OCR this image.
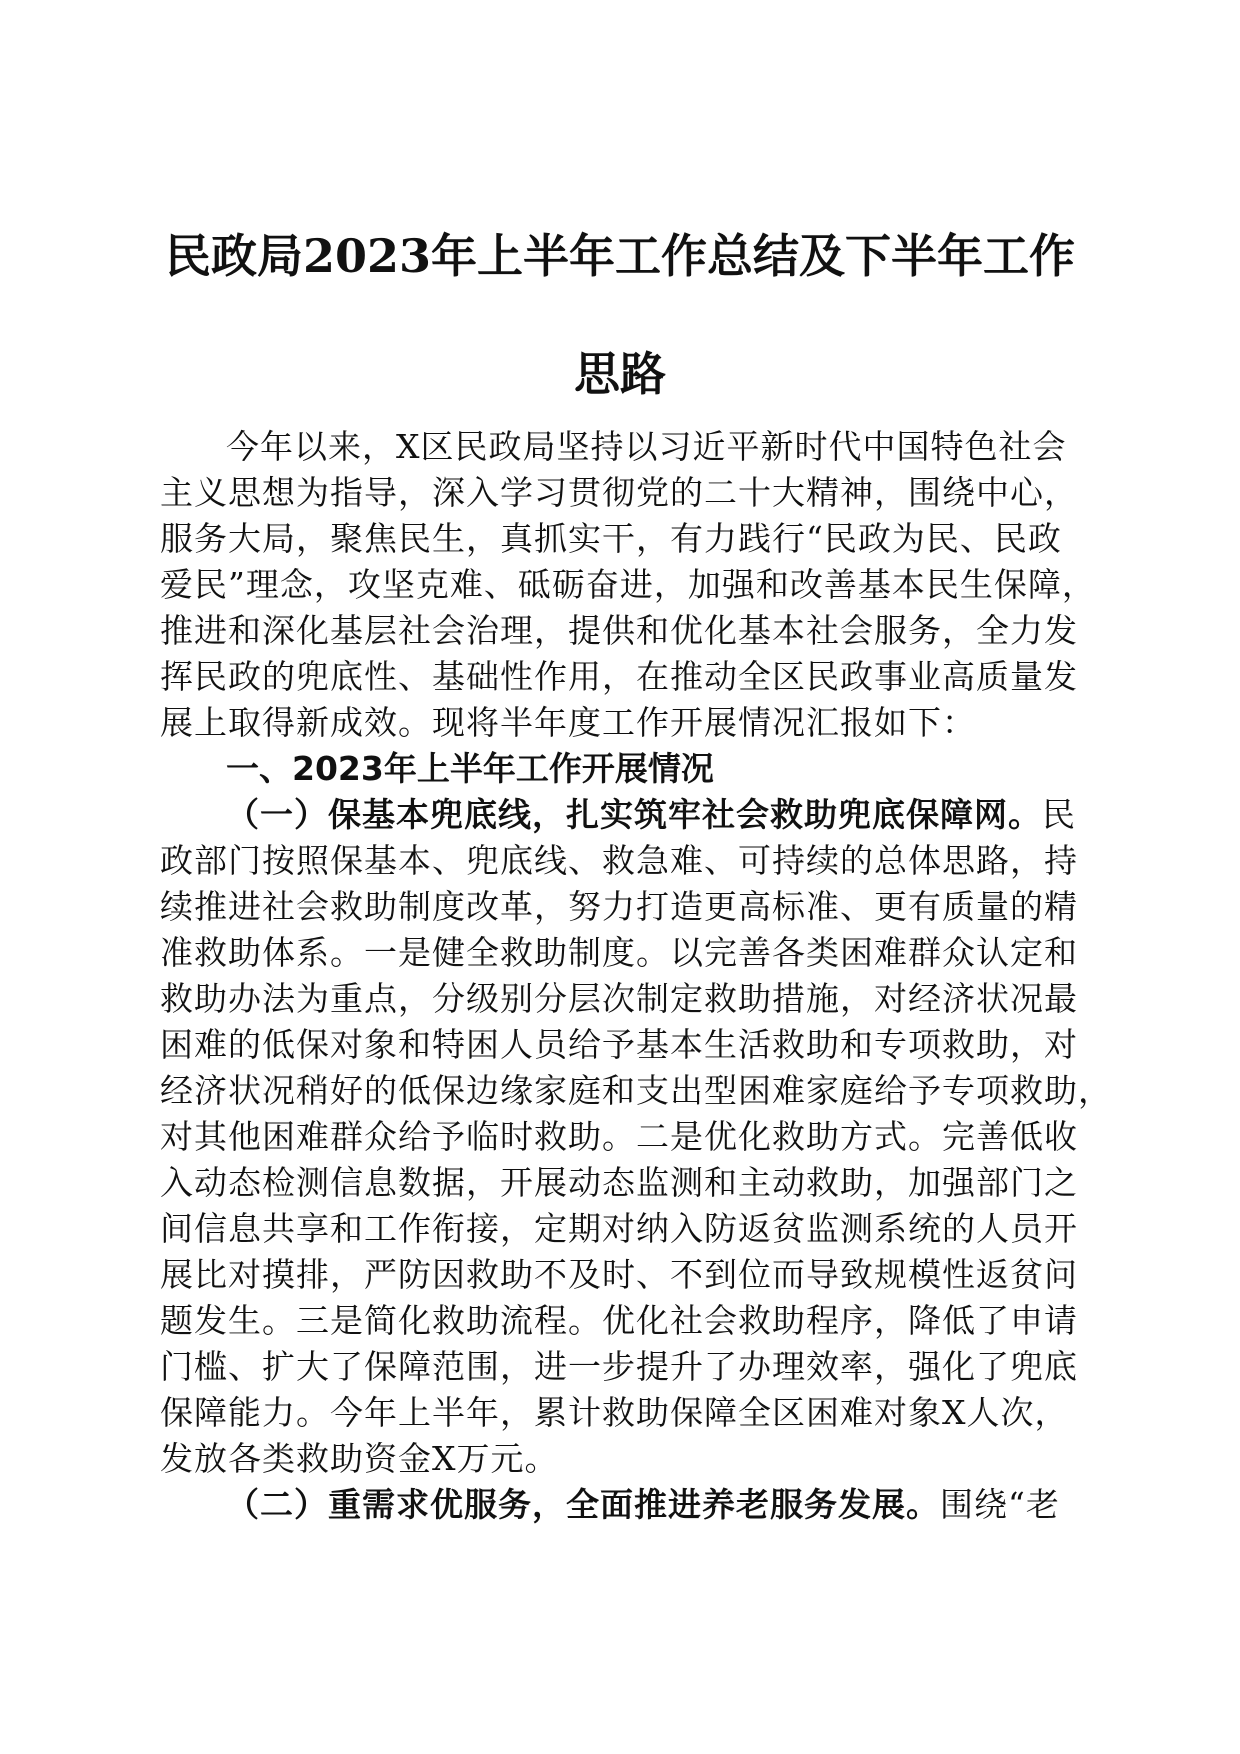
民政局2023年上半年工作总结及下半年工作
思路
今年以来，X区民政局坚持以习近平新时代中国特色社会
主义思想为指导，深入学习贯彻党的二十大精神，围绕中心，
服务大局，聚焦民生，真抓实干，有力践行“民政为民、民政
爱民”理念，攻坚克难、砥砺奋进，加强和改善基本民生保障，
推进和深化基层社会治理，提供和优化基本社会服务，全力发
挥民政的兜底性、基础性作用，在推动全区民政事业高质量发
展上取得新成效。现将半年度工作开展情况汇报如下：
一、2023年上半年工作开展情况
（一）保基本兜底线，扎实筑牢社会救助兜底保障网。民
政部门按照保基本、兜底线、救急难、可持续的总体思路，持
续推进社会救助制度改革，努力打造更高标准、更有质量的精
准救助体系。一是健全救助制度。以完善各类困难群众认定和
救助办法为重点，分级别分层次制定救助措施，对经济状况最
困难的低保对象和特困人员给予基本生活救助和专项救助，对
经济状况稍好的低保边缘家庭和支出型困难家庭给予专项救助，
对其他困难群众给予临时救助。二是优化救助方式。完善低收
入动态检测信息数据，开展动态监测和主动救助，加强部门之
间信息共享和工作衔接，定期对纳入防返贫监测系统的人员开
展比对摸排，严防因救助不及时、不到位而导致规模性返贫问
题发生。三是简化救助流程。优化社会救助程序，降低了申请
门槛、扩大了保障范围，进一步提升了办理效率，强化了兜底
保障能力。今年上半年，累计救助保障全区困难对象X人次，
发放各类救助资金X万元。
（二）重需求优服务，全面推进养老服务发展。围绕“老
